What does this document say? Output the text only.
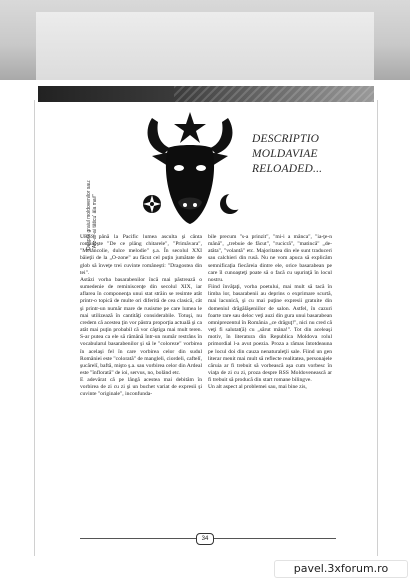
Despre graiul moldovenilor sau:
"Arz-ar-ai tăticu' ăla mai!"
DESCRIPTIO
MOLDAVIAE
RELOADED...

URSS până la Pacific lumea asculta şi cânta româneşte "De ce plâng chitarele", "Primăvara", "Melancolie, dulce melodie" ş.a. În secolul XXI băieţii de la „O-zone" au făcut cel puţin jumătate de glob să înveţe trei cuvinte româneşti: "Dragostea din tei".
Astăzi vorba basarabenilor încă mai păstrează o sumedenie de reminiscenţe din secolul XIX, iar aflarea în componenţa unui stat străin se resimte atât printr-o topică de multe ori diferită de cea clasică, cât şi printr-un număr mare de rusisme pe care lumea le mai utilizează în cantităţi considerabile. Totuşi, nu credem că acestea ţin vor păstra proporţia actuală şi ca atât mai puţin probabil că vor câştiga mai mult teren. S-ar putea ca ele să rămână într-un număr restrâns în vocabularul basarabenilor şi să le "coloreze" vorbirea în acelaşi fel în care vorbirea celor din sudul României este "colorată" de mangleli, ciordeli, caftelî, şucărelî, baftă, mişto ş.a. sau vorbirea celor din Ardeal este "înflorată" de ioi, servus, no, bolând etc.
E adevărat că pe lângă acestea mai debităm în vorbirea de zi cu zi şi un buchet variat de expresii şi cuvinte "originale", inconfunda-

bile precum "s-a prinzit", "mi-i a mânca", "ia-ţe-n mână", „trebuie de făcut", "rucicră", "matincă" „de-atâta", "volantă" etc. Majoritatea din ele sunt traduceri sau calchieri din rusă. Nu ne vom apuca să explicăm semnificaţia fiecăreia dintre ele, orice basarabean pe care îl cunoaşteţi poate să o facă cu uşurinţă în locul nostru.
Fiind învăţaţi, vorba poetului, mai mult să tacă în limba lor, basarabenii au deprins o exprimare scurtă, mai lacunică, şi cu mai puţine expresii gratuite din domeniul drăgălăşeniilor de salon. Astfel, în cazuri foarte rare sau deloc veţi auzi din gura unui basarabean omniprezentul în România „ce drăguţ!", nici nu cred că veţi fi salutat(ă) cu „sărut mâna!". Tot din aceleaşi motiv, în literatura din Republica Moldova rolul primordial l-a avut poezia. Proza a rămas întotdeauna pe locul doi din cauza nenaturaleţii sale. Fiind un gen literar menit mai mult să reflecte realitatea, personajele căruia ar fi trebuit să vorbească aşa cum vorbesc în viaţa de zi cu zi, proza despre RSS Moldovenească ar fi trebuit să producă din start romane bilingve.
Un alt aspect al problemei sau, mai bine zis,

34
pavel.3xforum.ro
